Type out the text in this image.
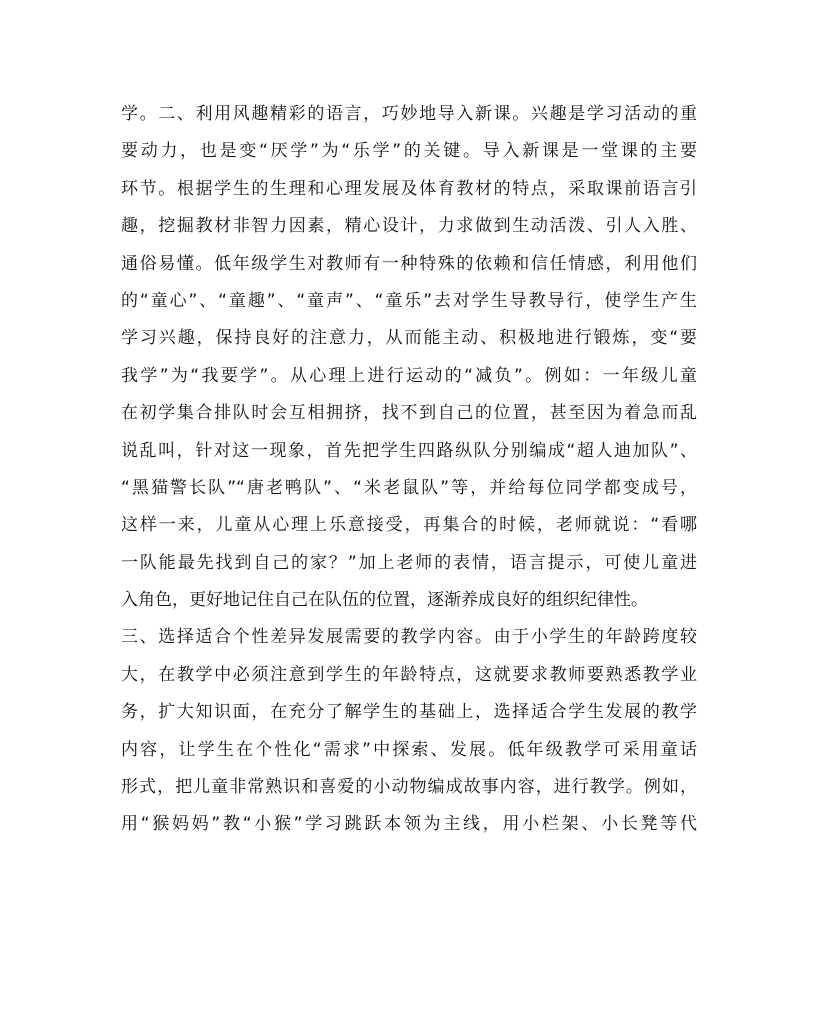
学。二、利用风趣精彩的语言，巧妙地导入新课。兴趣是学习活动的重
要动力，也是变“厌学”为“乐学”的关键。导入新课是一堂课的主要
环节。根据学生的生理和心理发展及体育教材的特点，采取课前语言引
趣，挖掘教材非智力因素，精心设计，力求做到生动活泼、引人入胜、
通俗易懂。低年级学生对教师有一种特殊的依赖和信任情感，利用他们
的“童心”、“童趣”、“童声”、“童乐”去对学生导教导行，使学生产生
学习兴趣，保持良好的注意力，从而能主动、积极地进行锻炼，变“要
我学”为“我要学”。从心理上进行运动的“减负”。例如：一年级儿童
在初学集合排队时会互相拥挤，找不到自己的位置，甚至因为着急而乱
说乱叫，针对这一现象，首先把学生四路纵队分别编成“超人迪加队”、
“黑猫警长队”“唐老鸭队”、“米老鼠队”等，并给每位同学都变成号，
这样一来，儿童从心理上乐意接受，再集合的时候，老师就说：“看哪
一队能最先找到自己的家？”加上老师的表情，语言提示，可使儿童进
入角色，更好地记住自己在队伍的位置，逐渐养成良好的组织纪律性。
三、选择适合个性差异发展需要的教学内容。由于小学生的年龄跨度较
大，在教学中必须注意到学生的年龄特点，这就要求教师要熟悉教学业
务，扩大知识面，在充分了解学生的基础上，选择适合学生发展的教学
内容，让学生在个性化“需求”中探索、发展。低年级教学可采用童话
形式，把儿童非常熟识和喜爱的小动物编成故事内容，进行教学。例如，
用“猴妈妈”教“小猴”学习跳跃本领为主线，用小栏架、小长凳等代
